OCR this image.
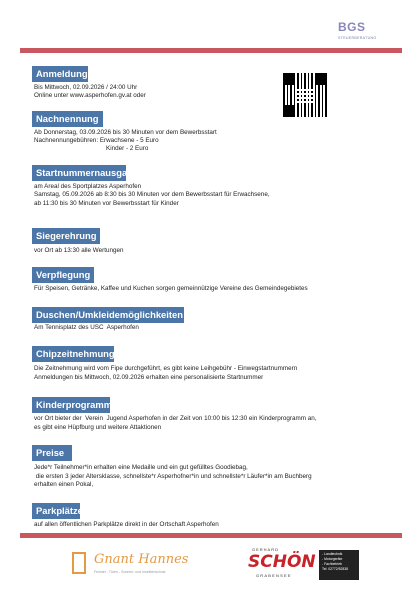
BGS
STEUERBERATUNG
Anmeldung

Bis Mittwoch, 02.09.2026 / 24:00 Uhr

Online unter www.asperhofen.gv.at oder

Nachnennung

Ab Donnerstag, 03.09.2026 bis 30 Minuten vor dem Bewerbsstart

Nachnennungebühren: Erwachsene - 5 Euro

Kinder - 2 Euro

Startnummernausgabe

am Areal des Sportplatzes Asperhofen

Samstag, 05.09.2026 ab 8:30 bis 30 Minuten vor dem Bewerbsstart für Erwachsene,

ab 11:30 bis 30 Minuten vor Bewerbsstart für Kinder

Siegerehrung

vor Ort ab 13:30 alle Wertungen

Verpflegung

Für Speisen, Getränke, Kaffee und Kuchen sorgen gemeinnützige Vereine des Gemeindegebietes

Duschen/Umkleidemöglichkeiten

Am Tennisplatz des USC  Asperhofen

Chipzeitnehmung

Die Zeitnehmung wird vom Fipe durchgeführt, es gibt keine Leihgebühr - Einwegstartnummern

Anmeldungen bis Mittwoch, 02.09.2026 erhalten eine personalisierte Startnummer

Kinderprogramm

vor Ort bieter der  Verein  Jugend Asperhofen in der Zeit von 10:00 bis 12:30 ein Kinderprogramm an,

es gibt eine Hüpfburg und weitere Attaktionen

Preise

Jede*r Teilnehmer*in erhalten eine Medaille und ein gut gefülltes Goodiebag,

die ersten 3 jeder Altersklasse, schnellste*r Asperhofner*in und schnellste*r Läufer*in am Buchberg

erhalten einen Pokal,

Parkplätze

auf allen öffentlichen Parkplätze direkt in der Ortschaft Asperhofen

Gnant Hannes
Fenster - Türen - Sonnen- und Insektenschutz
GERHARD
SCHÖN
GRABENSEE
- Landtechnik
- Motorgeräte
- Fachbetrieb
Tel. 02772/52838
